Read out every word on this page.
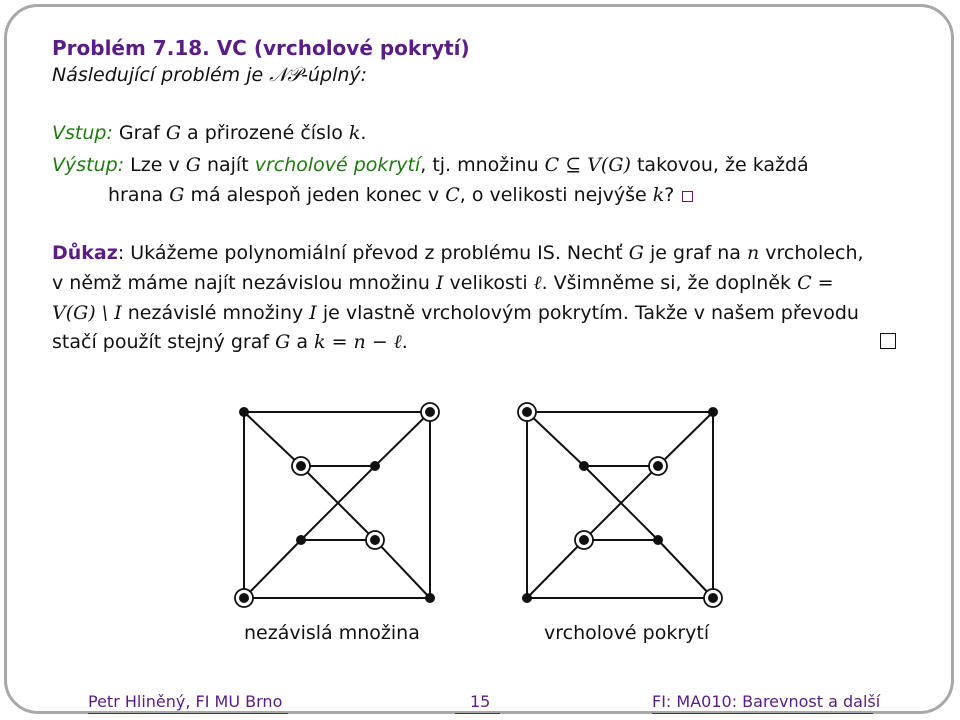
Problém 7.18. VC (vrcholové pokrytí)
Následující problém je 𝒩𝒫-úplný:
Vstup: Graf G a přirozené číslo k.
Výstup: Lze v G najít vrcholové pokrytí, tj. množinu C ⊆ V(G) takovou, že každá
hrana G má alespoň jeden konec v C, o velikosti nejvýše k?
Důkaz: Ukážeme polynomiální převod z problému IS. Nechť G je graf na n vrcholech,
v němž máme najít nezávislou množinu I velikosti ℓ. Všimněme si, že doplněk C =
V(G) \ I nezávislé množiny I je vlastně vrcholovým pokrytím. Takže v našem převodu
stačí použít stejný graf G a k = n − ℓ.
nezávislá množina	vrcholové pokrytí
Petr Hliněný, FI MU Brno	15	FI: MA010: Barevnost a další
